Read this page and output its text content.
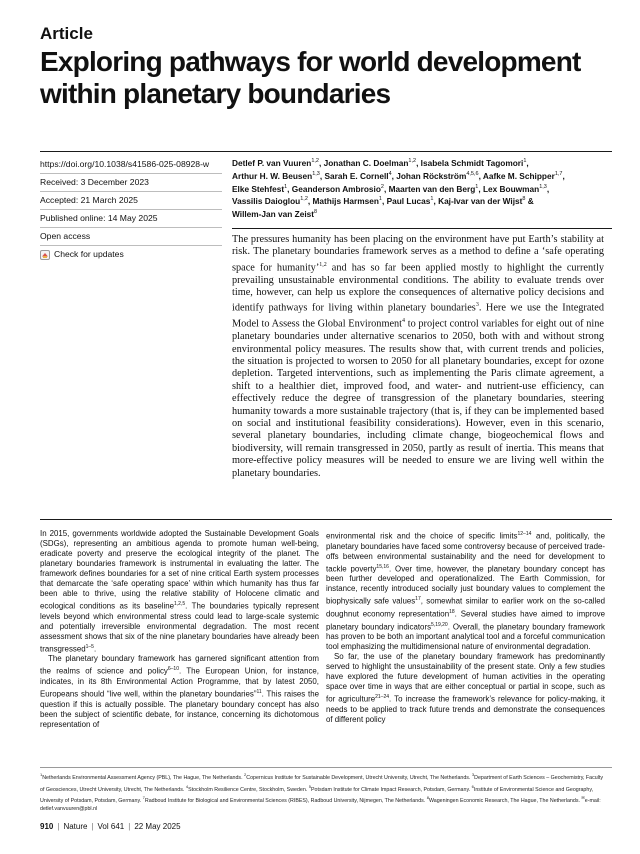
Article
Exploring pathways for world development within planetary boundaries
https://doi.org/10.1038/s41586-025-08928-w
Received: 3 December 2023
Accepted: 21 March 2025
Published online: 14 May 2025
Open access
Check for updates
Detlef P. van Vuuren$^{1,2}$, Jonathan C. Doelman$^{1,2}$, Isabela Schmidt Tagomori$^1$,
Arthur H. W. Beusen$^{1,3}$, Sarah E. Cornell$^4$, Johan Röckström$^{4,5,6}$, Aafke M. Schipper$^{1,7}$,
Elke Stehfest$^1$, Geanderson Ambrosio$^2$, Maarten van den Berg$^1$, Lex Bouwman$^{1,3}$,
Vassilis Daioglou$^{1,2}$, Mathijs Harmsen$^1$, Paul Lucas$^1$, Kaj-Ivar van der Wijst$^8$ &
Willem-Jan van Zeist$^8$

The pressures humanity has been placing on the environment have put Earth’s stability at risk. The planetary boundaries framework serves as a method to define a ‘safe operating space for humanity’$^{1,2}$ and has so far been applied mostly to highlight the currently prevailing unsustainable environmental conditions. The ability to evaluate trends over time, however, can help us explore the consequences of alternative policy decisions and identify pathways for living within planetary boundaries$^3$. Here we use the Integrated Model to Assess the Global Environment$^4$ to project control variables for eight out of nine planetary boundaries under alternative scenarios to 2050, both with and without strong environmental policy measures. The results show that, with current trends and policies, the situation is projected to worsen to 2050 for all planetary boundaries, except for ozone depletion. Targeted interventions, such as implementing the Paris climate agreement, a shift to a healthier diet, improved food, and water- and nutrient-use efficiency, can effectively reduce the degree of transgression of the planetary boundaries, steering humanity towards a more sustainable trajectory (that is, if they can be implemented based on social and institutional feasibility considerations). However, even in this scenario, several planetary boundaries, including climate change, biogeochemical flows and biodiversity, will remain transgressed in 2050, partly as result of inertia. This means that more-effective policy measures will be needed to ensure we are living well within the planetary boundaries.

In 2015, governments worldwide adopted the Sustainable Development Goals (SDGs), representing an ambitious agenda to promote human well-being, eradicate poverty and preserve the ecological integrity of the planet. The planetary boundaries framework is instrumental in evaluating the latter. The framework defines boundaries for a set of nine critical Earth system processes that demarcate the ‘safe operating space’ within which humanity has thus far been able to thrive, using the relative stability of Holocene climatic and ecological conditions as its baseline$^{1,2,5}$. The boundaries typically represent levels beyond which environmental stress could lead to large-scale systemic and potentially irreversible environmental degradation. The most recent assessment shows that six of the nine planetary boundaries have already been transgressed$^{1-5}$.

The planetary boundary framework has garnered significant attention from the realms of science and policy$^{6-10}$. The European Union, for instance, indicates, in its 8th Environmental Action Programme, that by latest 2050, Europeans should “live well, within the planetary boundaries”$^{11}$. This raises the question if this is actually possible. The planetary boundary concept has also been the subject of scientific debate, for instance, concerning its dichotomous representation of

environmental risk and the choice of specific limits$^{12-14}$ and, politically, the planetary boundaries have faced some controversy because of perceived trade-offs between environmental sustainability and the need for development to tackle poverty$^{15,16}$. Over time, however, the planetary boundary concept has been further developed and operationalized. The Earth Commission, for instance, recently introduced socially just boundary values to complement the biophysically safe values$^{17}$, somewhat similar to earlier work on the so-called doughnut economy representation$^{18}$. Several studies have aimed to improve planetary boundary indicators$^{5,19,20}$. Overall, the planetary boundary framework has proven to be both an important analytical tool and a forceful communication tool emphasizing the multidimensional nature of environmental degradation.

So far, the use of the planetary boundary framework has predominantly served to highlight the unsustainability of the present state. Only a few studies have explored the future development of human activities in the operating space over time in ways that are either conceptual or partial in scope, such as for agriculture$^{21-24}$. To increase the framework’s relevance for policy-making, it needs to be applied to track future trends and demonstrate the consequences of different policy

$^1$Netherlands Environmental Assessment Agency (PBL), The Hague, The Netherlands. $^2$Copernicus Institute for Sustainable Development, Utrecht University, Utrecht, The Netherlands. $^3$Department of Earth Sciences – Geochemistry, Faculty of Geosciences, Utrecht University, Utrecht, The Netherlands. $^4$Stockholm Resilience Centre, Stockholm, Sweden. $^5$Potsdam Institute for Climate Impact Research, Potsdam, Germany. $^6$Institute of Environmental Science and Geography, University of Potsdam, Potsdam, Germany. $^7$Radboud Institute for Biological and Environmental Sciences (RIBES), Radboud University, Nijmegen, The Netherlands. $^8$Wageningen Economic Research, The Hague, The Netherlands. ✉e-mail: detlef.vanvuuren@pbl.nl
910 | Nature | Vol 641 | 22 May 2025
